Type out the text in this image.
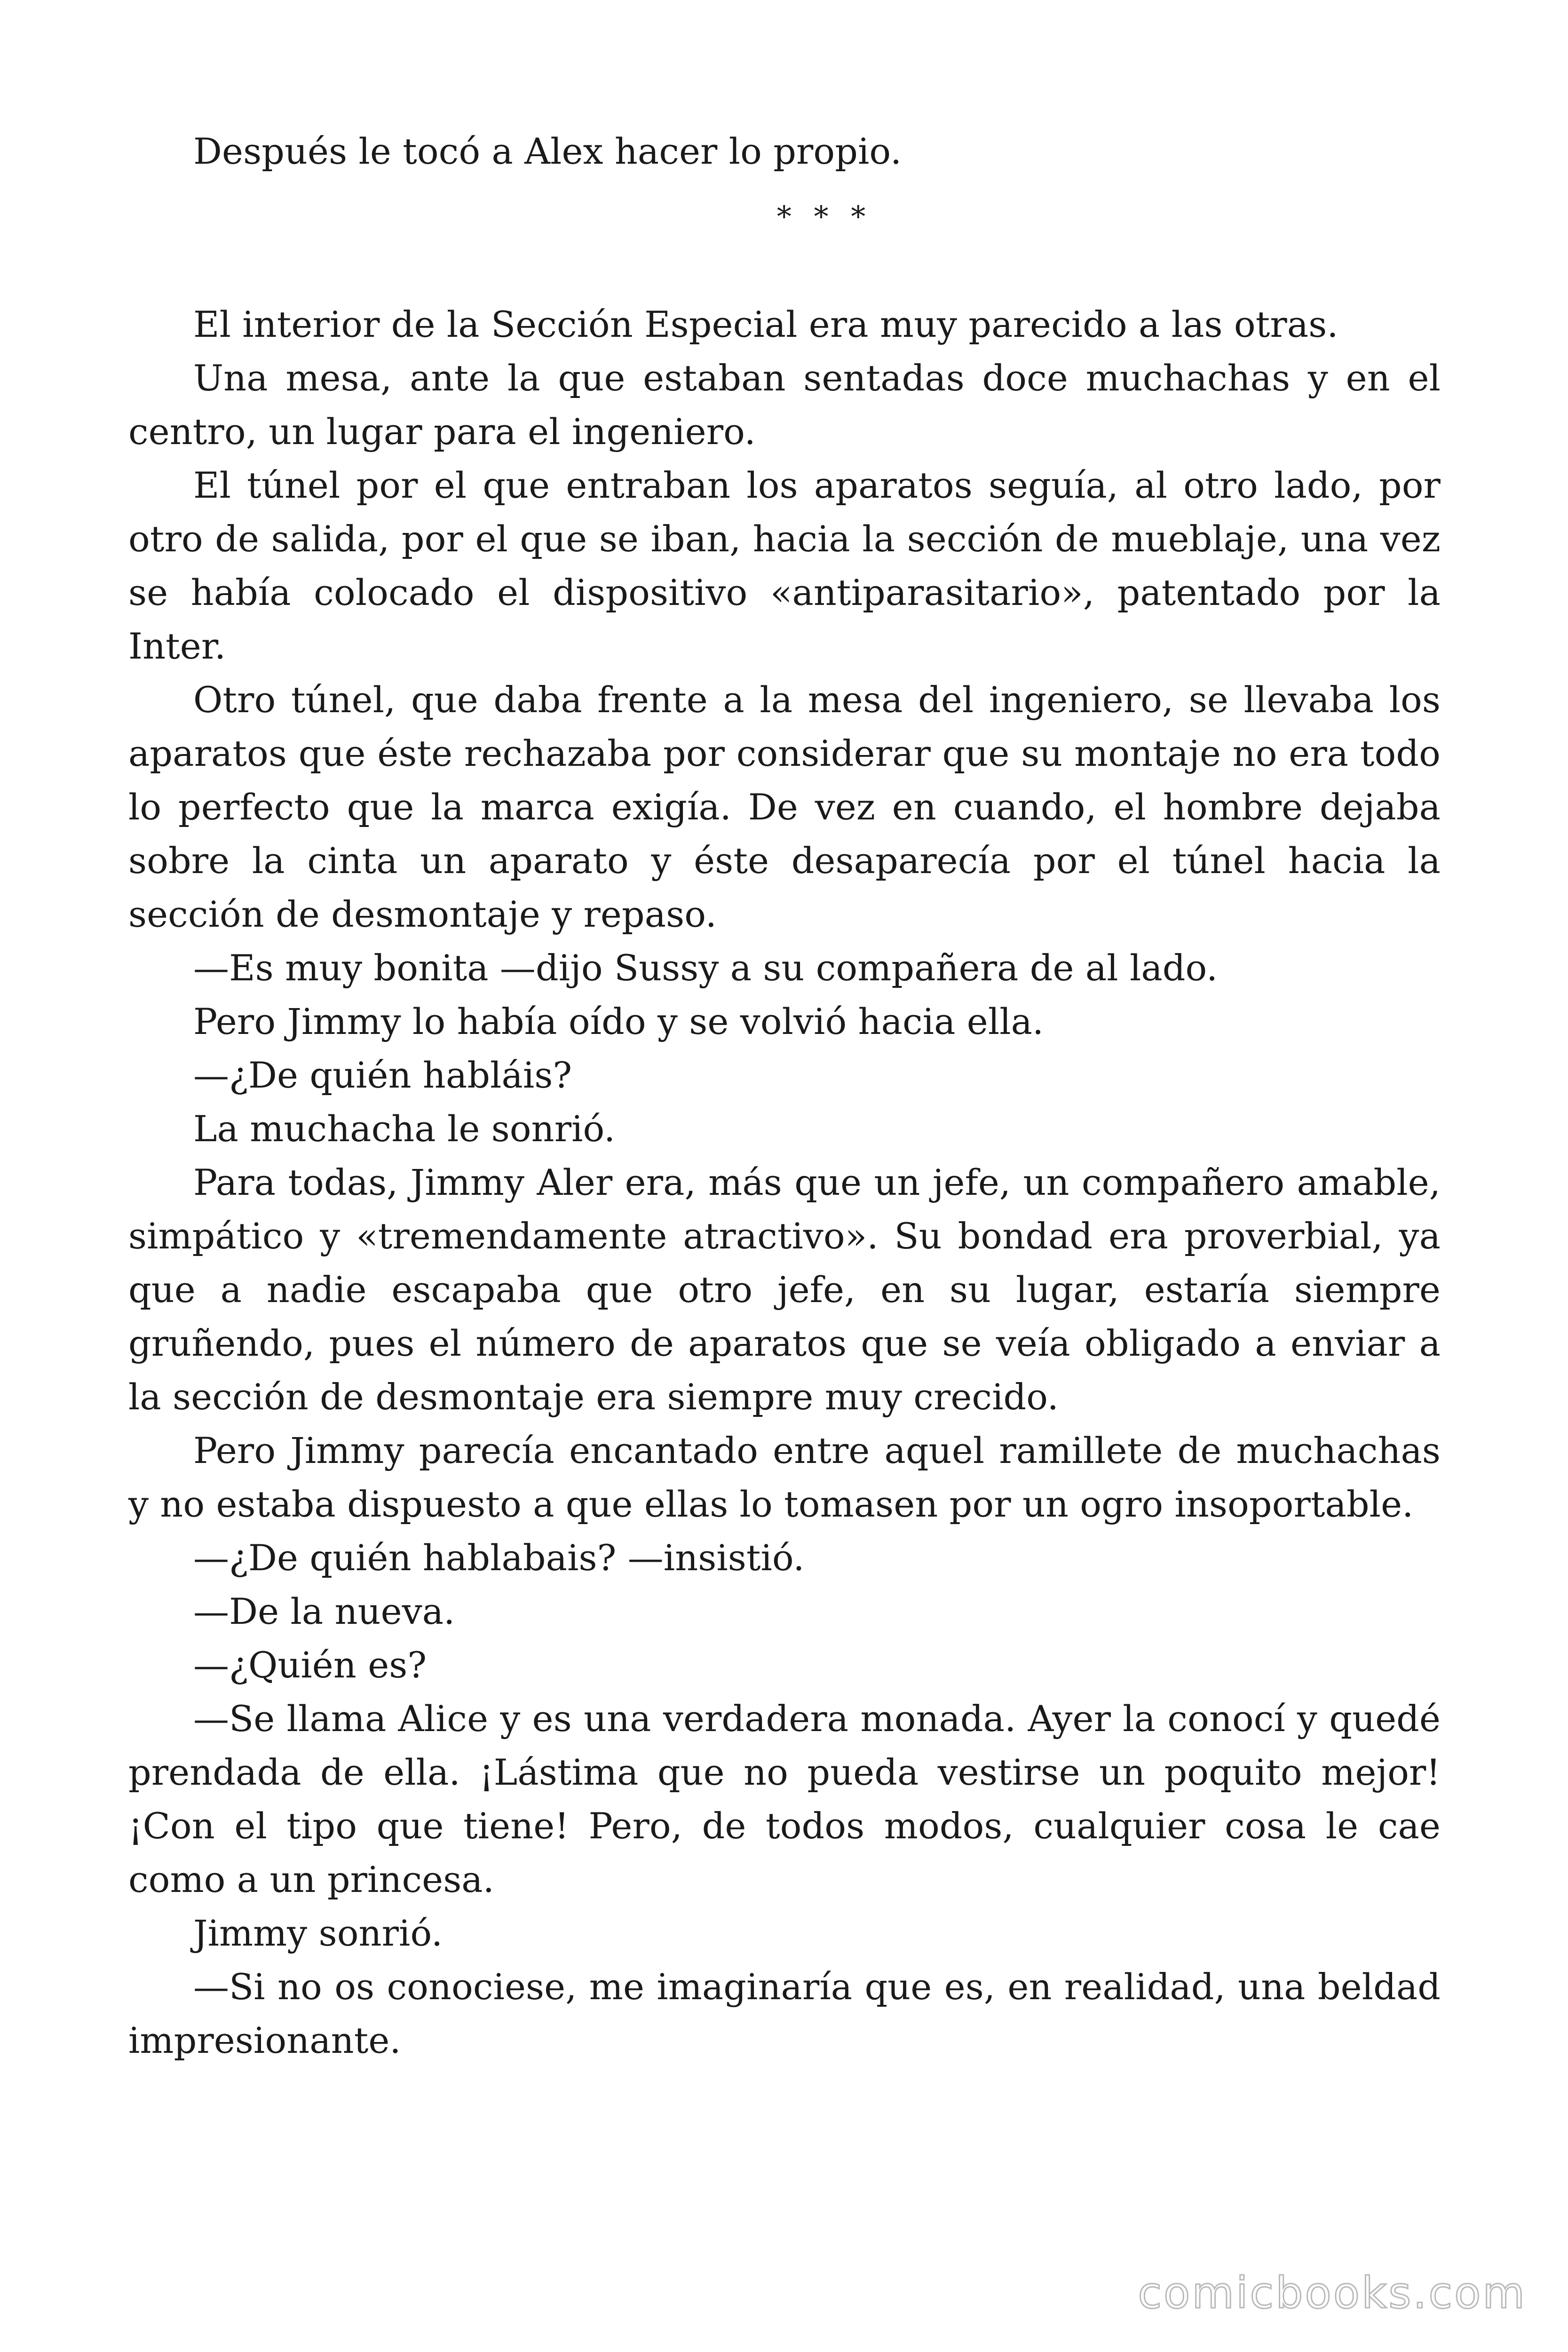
Después le tocó a Alex hacer lo propio.

* * *

El interior de la Sección Especial era muy parecido a las otras.

Una mesa, ante la que estaban sentadas doce muchachas y en el centro, un lugar para el ingeniero.

El túnel por el que entraban los aparatos seguía, al otro lado, por otro de salida, por el que se iban, hacia la sección de mueblaje, una vez se había colocado el dispositivo «antiparasitario», patentado por la Inter.

Otro túnel, que daba frente a la mesa del ingeniero, se llevaba los aparatos que éste rechazaba por considerar que su montaje no era todo lo perfecto que la marca exigía. De vez en cuando, el hombre dejaba sobre la cinta un aparato y éste desaparecía por el túnel hacia la sección de desmontaje y repaso.

—Es muy bonita —dijo Sussy a su compañera de al lado.

Pero Jimmy lo había oído y se volvió hacia ella.

—¿De quién habláis?

La muchacha le sonrió.

Para todas, Jimmy Aler era, más que un jefe, un compañero amable, simpático y «tremendamente atractivo». Su bondad era proverbial, ya que a nadie escapaba que otro jefe, en su lugar, estaría siempre gruñendo, pues el número de aparatos que se veía obligado a enviar a la sección de desmontaje era siempre muy crecido.

Pero Jimmy parecía encantado entre aquel ramillete de muchachas y no estaba dispuesto a que ellas lo tomasen por un ogro insoportable.

—¿De quién hablabais? —insistió.

—De la nueva.

—¿Quién es?

—Se llama Alice y es una verdadera monada. Ayer la conocí y quedé prendada de ella. ¡Lástima que no pueda vestirse un poquito mejor! ¡Con el tipo que tiene! Pero, de todos modos, cualquier cosa le cae como a un princesa.

Jimmy sonrió.

—Si no os conociese, me imaginaría que es, en realidad, una beldad impresionante.

comicbooks.com
